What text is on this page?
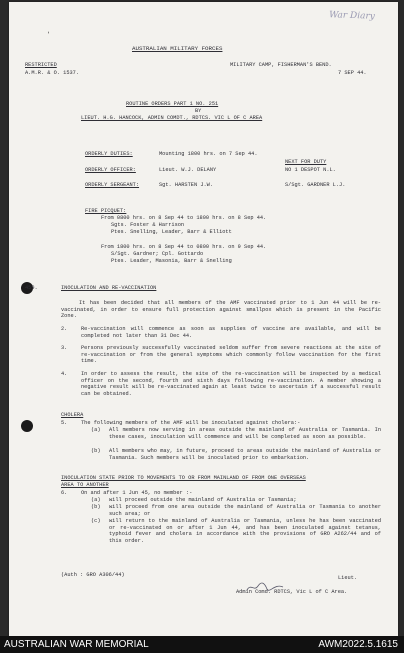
War Diary
ʼ
AUSTRALIAN MILITARY FORCES
RESTRICTED
A.M.R. & O. 1537.
MILITARY CAMP, FISHERMAN'S BEND.
7 SEP 44.
ROUTINE ORDERS PART 1 NO. 251
BY
LIEUT. H.G. HANCOCK, ADMIN COMDT., RDTCS. VIC L OF C AREA
ORDERLY DUTIES:	Mounting 1800 hrs. on 7 Sep 44.
NEXT FOR DUTY
ORDERLY OFFICER:	Lieut. W.J. DELANY	NO 1 DESPOT N.L.
ORDERLY SERGEANT:	Sgt. HARSTEN J.W.	S/Sgt. GARDNER L.J.
FIRE PICQUET:
From 0800 hrs. on 8 Sep 44 to 1800 hrs. on 8 Sep 44.
Sgts. Foster & Harrison
Ptes. Snelling, Leader, Barr & Elliott
From 1800 hrs. on 8 Sep 44 to 0800 hrs. on 9 Sep 44.
S/Sgt. Gardner; Cpl. Gottardo
Ptes. Leader, Masonia, Barr & Snelling
459.	INOCULATION AND RE-VACCINATION
It has been decided that all members of the AMF vaccinated prior to 1 Jun 44 will be re-vaccinated, in order to ensure full protection against smallpox which is present in the Pacific Zone.
2.	Re-vaccination will commence as soon as supplies of vaccine are available, and will be completed not later than 31 Dec 44.
3.	Persons previously successfully vaccinated seldom suffer from severe reactions at the site of re-vaccination or from the general symptoms which commonly follow vaccination for the first time.
4.	In order to assess the result, the site of the re-vaccination will be inspected by a medical officer on the second, fourth and sixth days following re-vaccination. A member showing a negative result will be re-vaccinated again at least twice to ascertain if a successful result can be obtained.
CHOLERA
5.	The following members of the AMF will be inoculated against cholera:-
(a) All members now serving in areas outside the mainland of Australia or Tasmania. In these cases, inoculation will commence and will be completed as soon as possible.
(b) All members who may, in future, proceed to areas outside the mainland of Australia or Tasmania. Such members will be inoculated prior to embarkation.
INOCULATION STATE PRIOR TO MOVEMENTS TO OR FROM MAINLAND OF FROM ONE OVERSEAS
AREA TO ANOTHER
6.	On and after 1 Jun 45, no member :-
(a) will proceed outside the mainland of Australia or Tasmania;
(b) will proceed from one area outside the mainland of Australia or Tasmania to another such area; or
(c) will return to the mainland of Australia or Tasmania, unless he has been vaccinated or re-vaccinated on or after 1 Jun 44, and has been inoculated against tetanus, typhoid fever and cholera in accordance with the provisions of GRO A262/44 and of this order.
(Auth : GRO A306/44)	Lieut.
Admin Comd. RDTCS, Vic L of C Area.
AUSTRALIAN WAR MEMORIAL	AWM2022.5.1615
